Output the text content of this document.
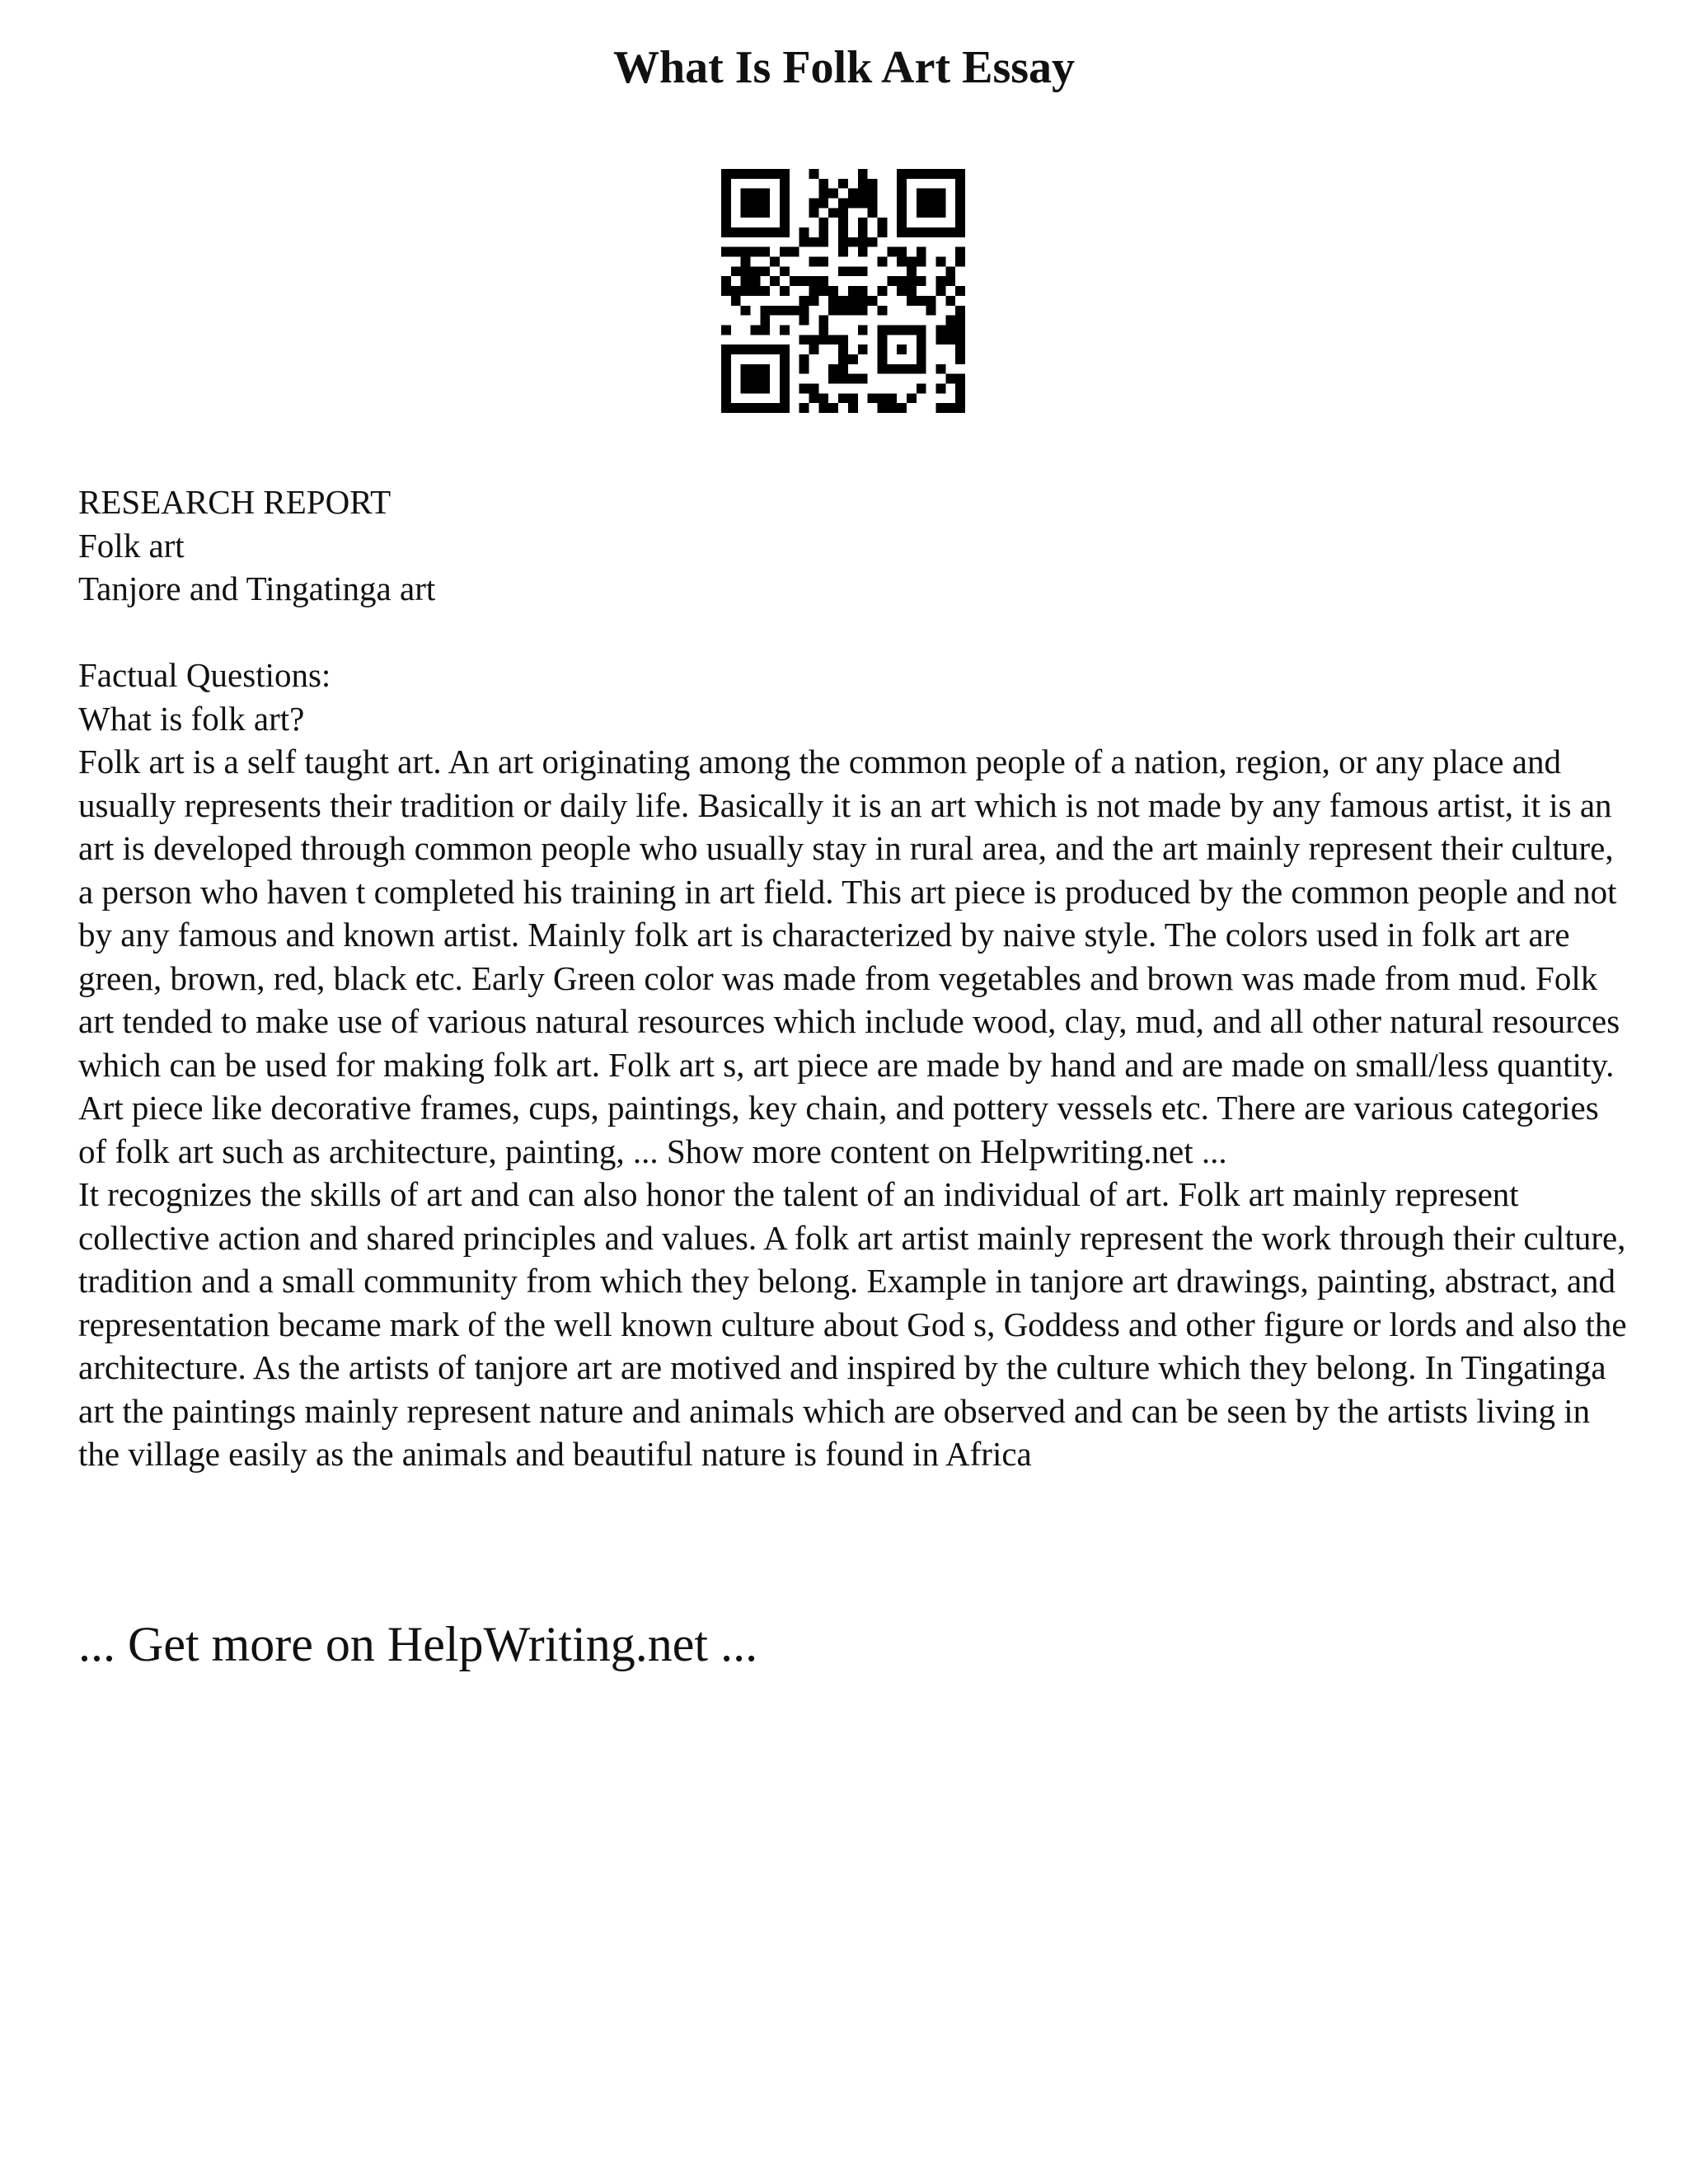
What Is Folk Art Essay

RESEARCH REPORT

Folk art

Tanjore and Tingatinga art

Factual Questions:

What is folk art?

Folk art is a self taught art. An art originating among the common people of a nation, region, or any place and usually represents their tradition or daily life. Basically it is an art which is not made by any famous artist, it is an art is developed through common people who usually stay in rural area, and the art mainly represent their culture, a person who haven t completed his training in art field. This art piece is produced by the common people and not by any famous and known artist. Mainly folk art is characterized by naive style. The colors used in folk art are green, brown, red, black etc. Early Green color was made from vegetables and brown was made from mud. Folk art tended to make use of various natural resources which include wood, clay, mud, and all other natural resources which can be used for making folk art. Folk art s, art piece are made by hand and are made on small/less quantity. Art piece like decorative frames, cups, paintings, key chain, and pottery vessels etc. There are various categories of folk art such as architecture, painting, ... Show more content on Helpwriting.net ...

It recognizes the skills of art and can also honor the talent of an individual of art. Folk art mainly represent collective action and shared principles and values. A folk art artist mainly represent the work through their culture, tradition and a small community from which they belong. Example in tanjore art drawings, painting, abstract, and representation became mark of the well known culture about God s, Goddess and other figure or lords and also the architecture. As the artists of tanjore art are motived and inspired by the culture which they belong. In Tingatinga art the paintings mainly represent nature and animals which are observed and can be seen by the artists living in the village easily as the animals and beautiful nature is found in Africa

... Get more on HelpWriting.net ...
